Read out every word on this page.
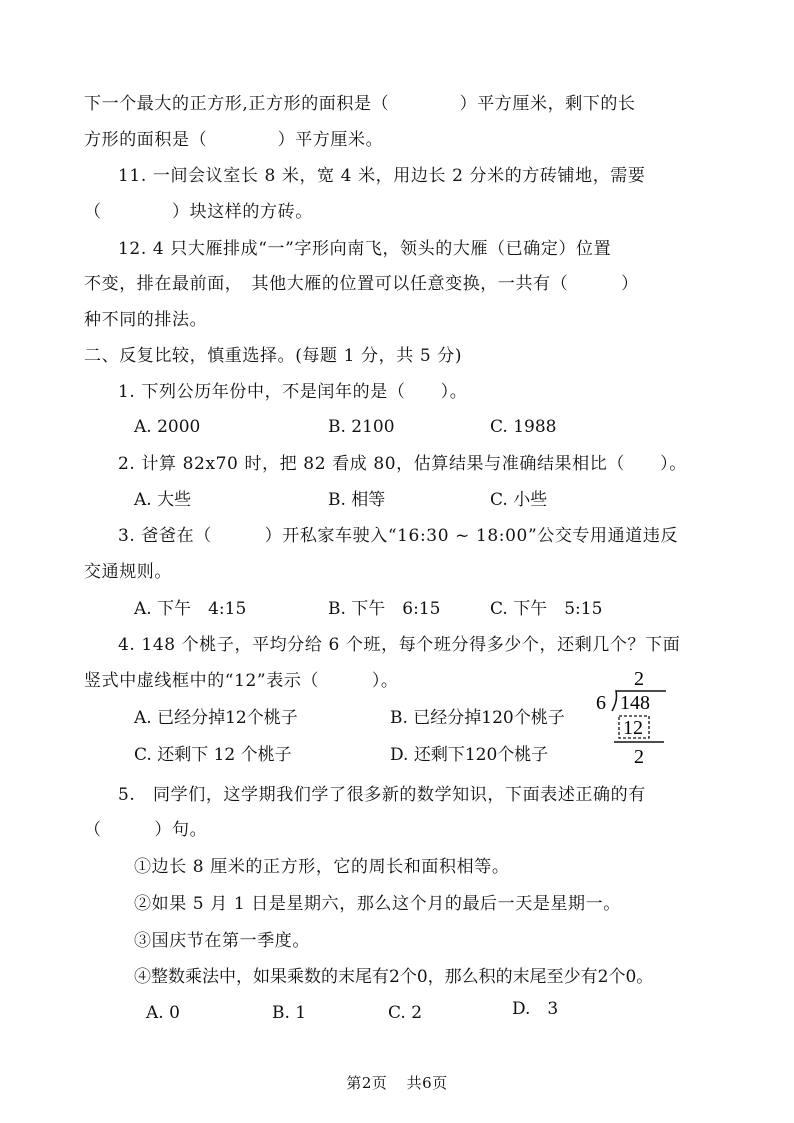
下一个最大的正方形,正方形的面积是（　　　　）平方厘米，剩下的长
方形的面积是（　　　　）平方厘米。
11. 一间会议室长 8 米，宽 4 米，用边长 2 分米的方砖铺地，需要
（　　　　）块这样的方砖。
12. 4 只大雁排成“一”字形向南飞，领头的大雁（已确定）位置
不变，排在最前面，　其他大雁的位置可以任意变换，一共有（　　　）
种不同的排法。
二、反复比较，慎重选择。(每题 1 分，共 5 分)
1. 下列公历年份中，不是闰年的是（　　）。
A. 2000	B. 2100	C. 1988
2. 计算 82x70 时，把 82 看成 80，估算结果与准确结果相比（　　）。
A. 大些	B. 相等	C. 小些
3. 爸爸在（　　　）开私家车驶入“16:30 ~ 18:00”公交专用通道违反
交通规则。
A. 下午　4:15	B. 下午　6:15	C. 下午　5:15
4. 148 个桃子，平均分给 6 个班，每个班分得多少个，还剩几个？下面
竖式中虚线框中的“12”表示（　　　）。
A. 已经分掉12个桃子	B. 已经分掉120个桃子
C. 还剩下 12 个桃子	D. 还剩下120个桃子
2
6 148
12
2
5.　同学们，这学期我们学了很多新的数学知识，下面表述正确的有
（　　　）句。
①边长 8 厘米的正方形，它的周长和面积相等。
②如果 5 月 1 日是星期六，那么这个月的最后一天是星期一。
③国庆节在第一季度。
④整数乘法中，如果乘数的末尾有2个0，那么积的末尾至少有2个0。
A. 0	B. 1	C. 2	D.　3
第2页 共6页
